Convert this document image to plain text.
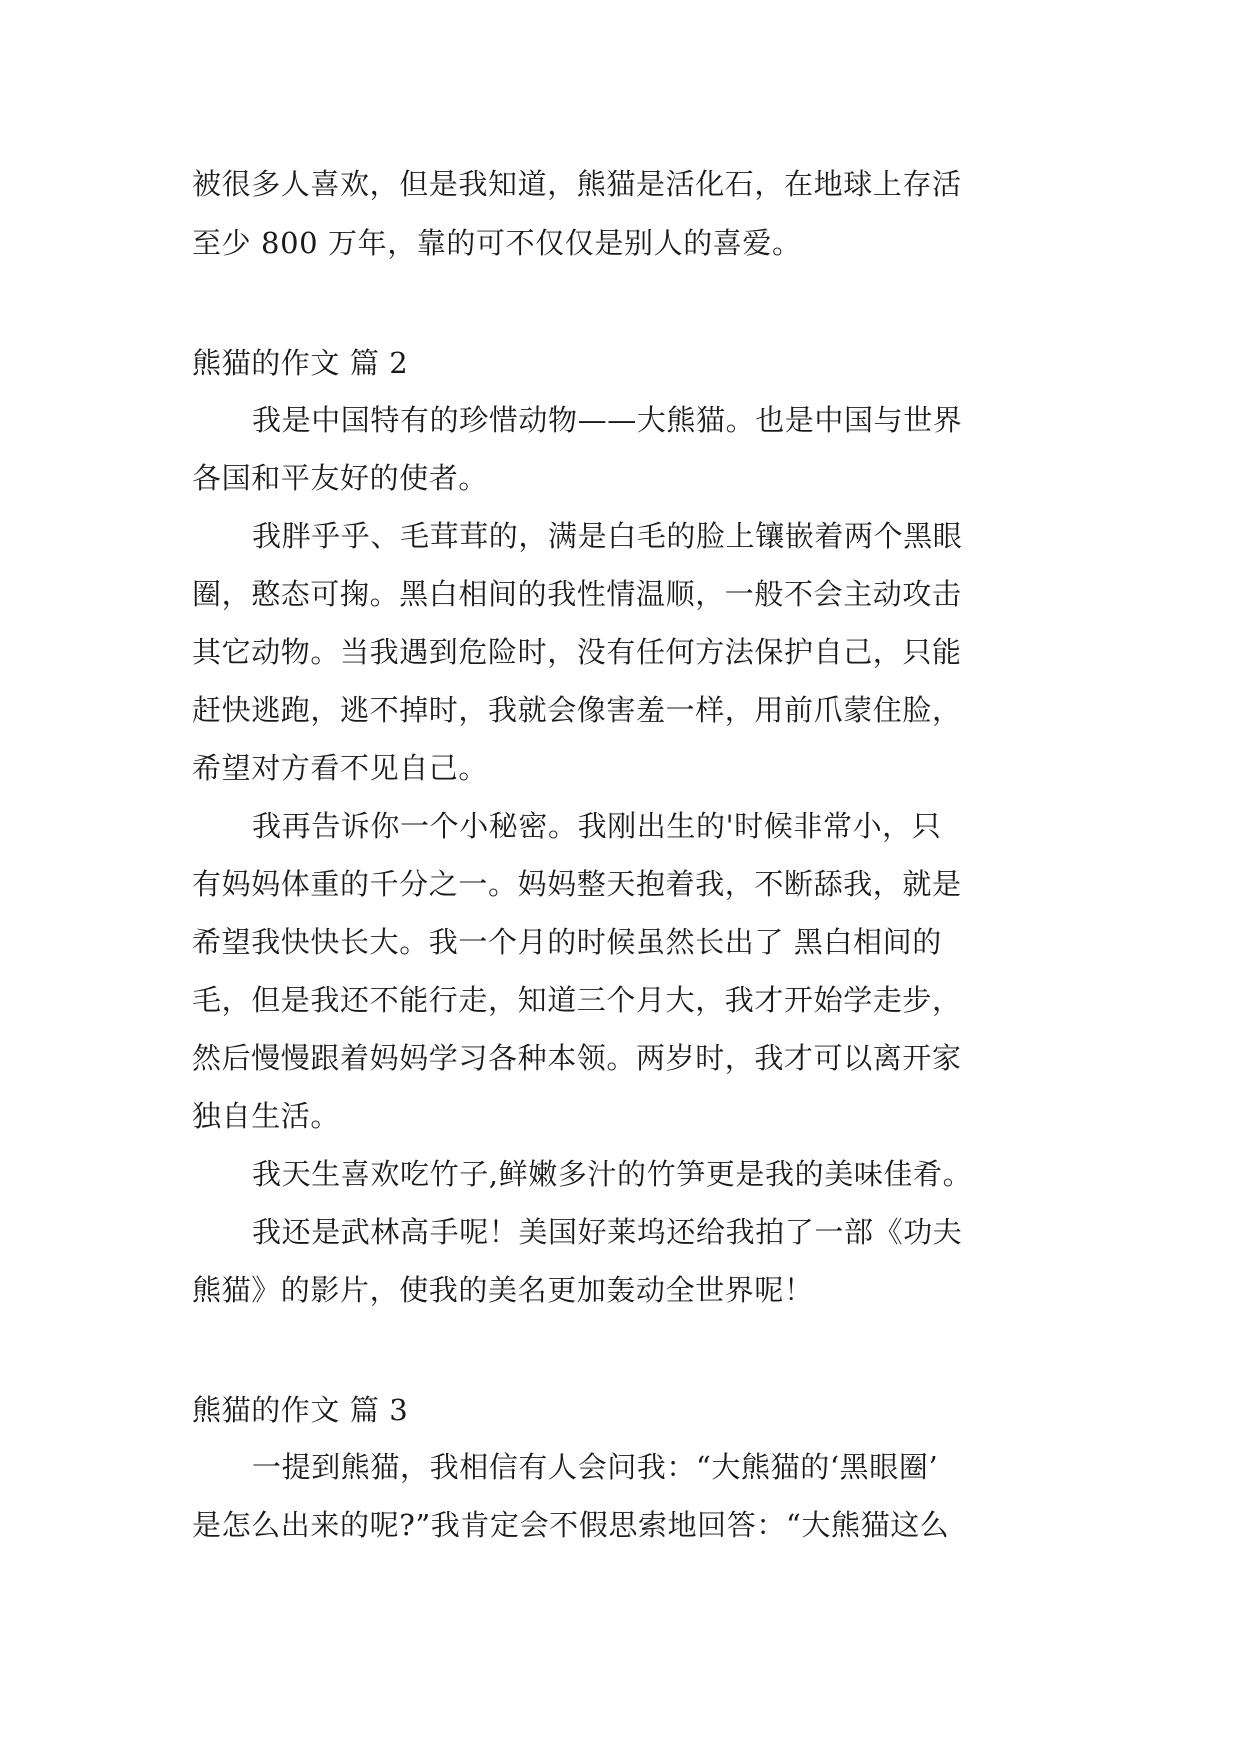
被很多人喜欢，但是我知道，熊猫是活化石，在地球上存活
至少 800 万年，靠的可不仅仅是别人的喜爱。
熊猫的作文 篇 2
我是中国特有的珍惜动物——大熊猫。也是中国与世界
各国和平友好的使者。
我胖乎乎、毛茸茸的，满是白毛的脸上镶嵌着两个黑眼
圈，憨态可掬。黑白相间的我性情温顺，一般不会主动攻击
其它动物。当我遇到危险时，没有任何方法保护自己，只能
赶快逃跑，逃不掉时，我就会像害羞一样，用前爪蒙住脸，
希望对方看不见自己。
我再告诉你一个小秘密。我刚出生的'时候非常小，只
有妈妈体重的千分之一。妈妈整天抱着我，不断舔我，就是
希望我快快长大。我一个月的时候虽然长出了 黑白相间的
毛，但是我还不能行走，知道三个月大，我才开始学走步，
然后慢慢跟着妈妈学习各种本领。两岁时，我才可以离开家
独自生活。
我天生喜欢吃竹子,鲜嫩多汁的竹笋更是我的美味佳肴。
我还是武林高手呢！美国好莱坞还给我拍了一部《功夫
熊猫》的影片，使我的美名更加轰动全世界呢！
熊猫的作文 篇 3
一提到熊猫，我相信有人会问我：“大熊猫的‘黑眼圈’
是怎么出来的呢?”我肯定会不假思索地回答：“大熊猫这么
